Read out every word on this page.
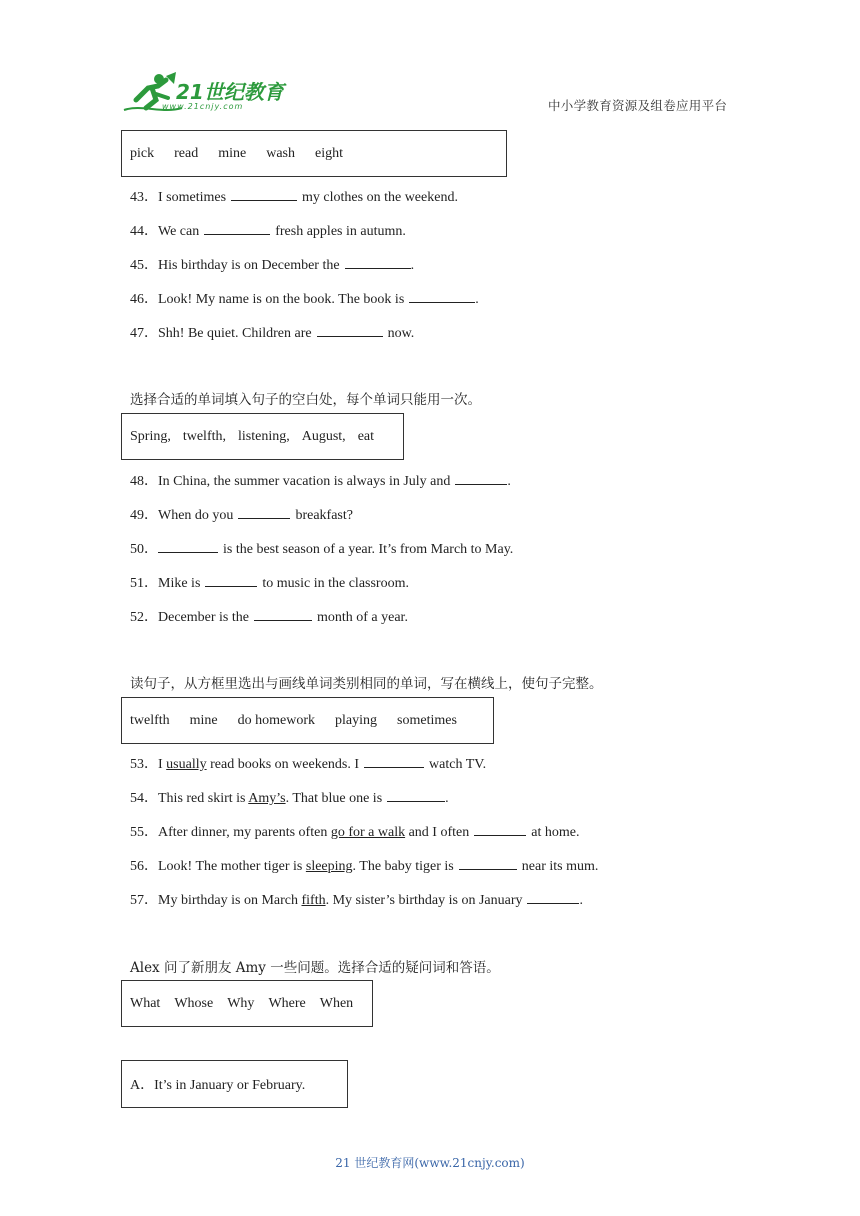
21世纪教育
www.21cnjy.com	中小学教育资源及组卷应用平台
pick read mine wash eight
43．I sometimes	my clothes on the weekend.
44．We can	fresh apples in autumn.
45．His birthday is on December the	.
46．Look! My name is on the book. The book is	.
47．Shh! Be quiet. Children are	now.
选择合适的单词填入句子的空白处，每个单词只能用一次。
Spring, twelfth, listening, August, eat
48．In China, the summer vacation is always in July and	.
49．When do you	breakfast?
50．	is the best season of a year. It’s from March to May.
51．Mike is	to music in the classroom.
52．December is the	month of a year.
读句子，从方框里选出与画线单词类别相同的单词，写在横线上，使句子完整。
twelfth mine do homework playing sometimes
53．I usually read books on weekends. I	watch TV.
54．This red skirt is Amy’s. That blue one is	.
55．After dinner, my parents often go for a walk and I often	at home.
56．Look! The mother tiger is sleeping. The baby tiger is	near its mum.
57．My birthday is on March fifth. My sister’s birthday is on January	.
Alex 问了新朋友 Amy 一些问题。选择合适的疑问词和答语。
What Whose Why Where When
A．It’s in January or February.
21 世纪教育网(www.21cnjy.com)
